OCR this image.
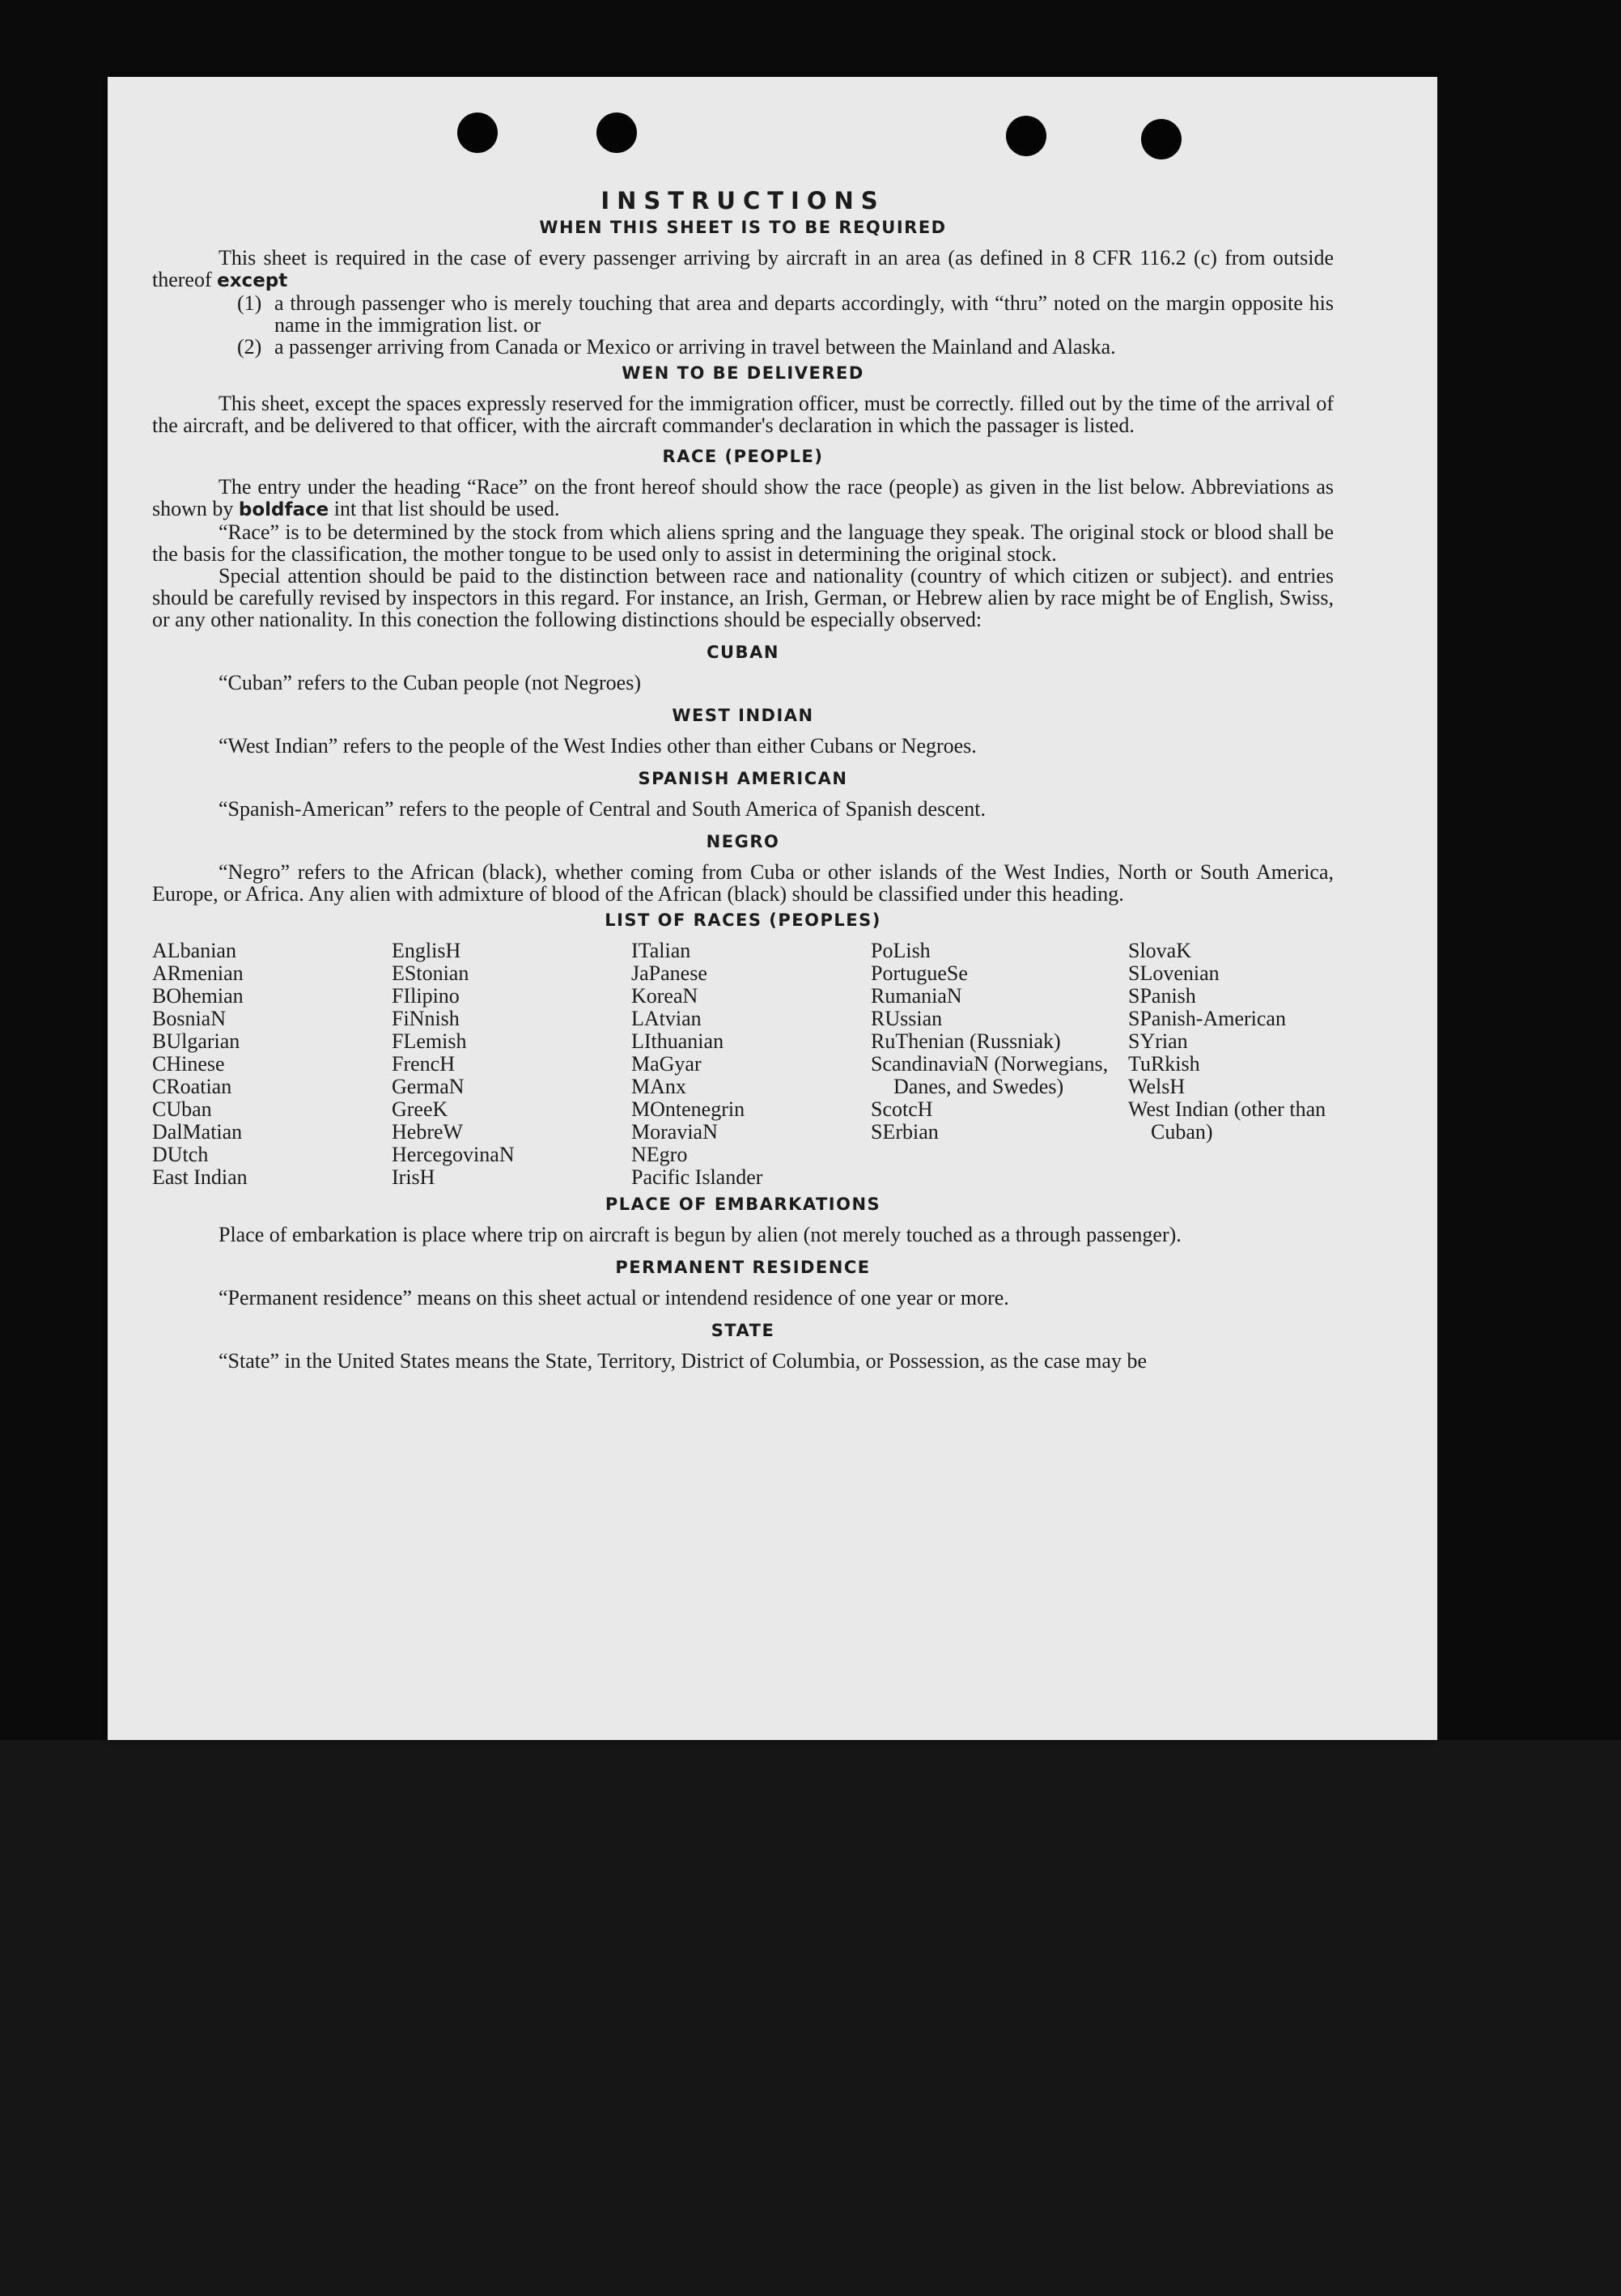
INSTRUCTIONS
WHEN THIS SHEET IS TO BE REQUIRED

This sheet is required in the case of every passenger arriving by aircraft in an area (as defined in 8 CFR 116.2 (c) from outside thereof except

(1) a through passenger who is merely touching that area and departs accordingly, with “thru” noted on the margin opposite his name in the immigration list. or
(2) a passenger arriving from Canada or Mexico or arriving in travel between the Mainland and Alaska.
WEN TO BE DELIVERED

This sheet, except the spaces expressly reserved for the immigration officer, must be correctly. filled out by the time of the arrival of the aircraft, and be delivered to that officer, with the aircraft commander's declaration in which the passager is listed.

RACE (PEOPLE)

The entry under the heading “Race” on the front hereof should show the race (people) as given in the list below. Abbreviations as shown by boldface int that list should be used.

“Race” is to be determined by the stock from which aliens spring and the language they speak. The original stock or blood shall be the basis for the classification, the mother tongue to be used only to assist in determining the original stock.

Special attention should be paid to the distinction between race and nationality (country of which citizen or subject). and entries should be carefully revised by inspectors in this regard. For instance, an Irish, German, or Hebrew alien by race might be of English, Swiss, or any other nationality. In this conection the following distinctions should be especially observed:

CUBAN

“Cuban” refers to the Cuban people (not Negroes)

WEST INDIAN

“West Indian” refers to the people of the West Indies other than either Cubans or Negroes.

SPANISH AMERICAN

“Spanish-American” refers to the people of Central and South America of Spanish descent.

NEGRO

“Negro” refers to the African (black), whether coming from Cuba or other islands of the West Indies, North or South America, Europe, or Africa. Any alien with admixture of blood of the African (black) should be classified under this heading.

LIST OF RACES (PEOPLES)
ALbanian
ARmenian
BOhemian
BosniaN
BUlgarian
CHinese
CRoatian
CUban
DalMatian
DUtch
East Indian
EnglisH
EStonian
FIlipino
FiNnish
FLemish
FrencH
GermaN
GreeK
HebreW
HercegovinaN
IrisH
ITalian
JaPanese
KoreaN
LAtvian
LIthuanian
MaGyar
MAnx
MOntenegrin
MoraviaN
NEgro
Pacific Islander
PoLish
PortugueSe
RumaniaN
RUssian
RuThenian (Russniak)
ScandinaviaN (Norwegians, Danes, and Swedes)
ScotcH
SErbian
SlovaK
SLovenian
SPanish
SPanish-American
SYrian
TuRkish
WelsH
West Indian (other than Cuban)
PLACE OF EMBARKATIONS

Place of embarkation is place where trip on aircraft is begun by alien (not merely touched as a through passenger).

PERMANENT RESIDENCE

“Permanent residence” means on this sheet actual or intendend residence of one year or more.

STATE

“State” in the United States means the State, Territory, District of Columbia, or Possession, as the case may be
